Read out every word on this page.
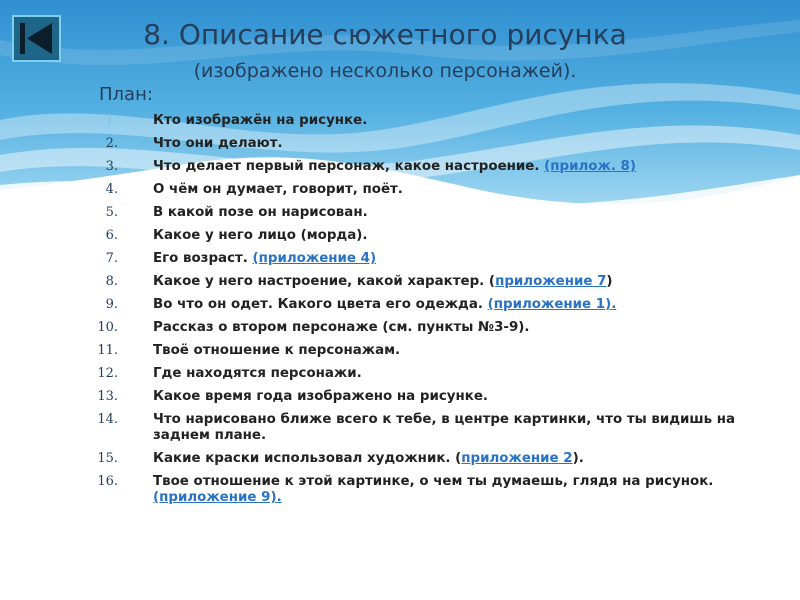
8. Описание сюжетного рисунка
(изображено несколько персонажей).
План:
1.	Кто изображён на рисунке.
2.	Что они делают.
3.	Что делает первый персонаж, какое настроение. (прилож. 8)
4.	О чём он думает, говорит, поёт.
5.	В какой позе он нарисован.
6.	Какое у него лицо (морда).
7.	Его возраст. (приложение 4)
8.	Какое у него настроение, какой характер. (приложение 7)
9.	Во что он одет. Какого цвета его одежда. (приложение 1).
10.	Рассказ о втором персонаже (см. пункты №3-9).
11.	Твоё отношение к персонажам.
12.	Где находятся персонажи.
13.	Какое время года изображено на рисунке.
14.	Что нарисовано ближе всего к тебе, в центре картинки, что ты видишь на заднем плане.
15.	Какие краски использовал художник. (приложение 2).
16.	Твое отношение к этой картинке, о чем ты думаешь, глядя на рисунок. (приложение 9).
